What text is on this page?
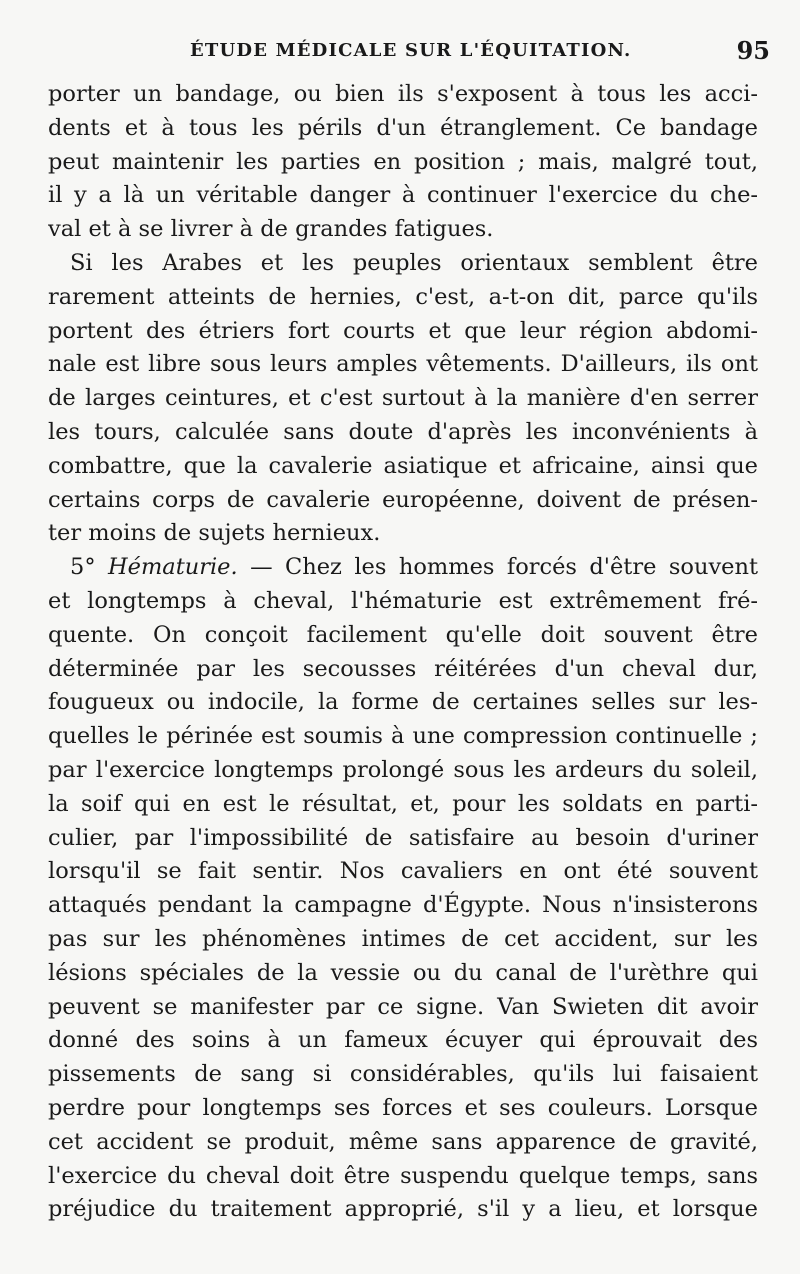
ÉTUDE MÉDICALE SUR L'ÉQUITATION.	95
porter un bandage, ou bien ils s'exposent à tous les acci-
dents et à tous les périls d'un étranglement. Ce bandage
peut maintenir les parties en position ; mais, malgré tout,
il y a là un véritable danger à continuer l'exercice du che-
val et à se livrer à de grandes fatigues.
Si les Arabes et les peuples orientaux semblent être
rarement atteints de hernies, c'est, a-t-on dit, parce qu'ils
portent des étriers fort courts et que leur région abdomi-
nale est libre sous leurs amples vêtements. D'ailleurs, ils ont
de larges ceintures, et c'est surtout à la manière d'en serrer
les tours, calculée sans doute d'après les inconvénients à
combattre, que la cavalerie asiatique et africaine, ainsi que
certains corps de cavalerie européenne, doivent de présen-
ter moins de sujets hernieux.
5° Hématurie. — Chez les hommes forcés d'être souvent
et longtemps à cheval, l'hématurie est extrêmement fré-
quente. On conçoit facilement qu'elle doit souvent être
déterminée par les secousses réitérées d'un cheval dur,
fougueux ou indocile, la forme de certaines selles sur les-
quelles le périnée est soumis à une compression continuelle ;
par l'exercice longtemps prolongé sous les ardeurs du soleil,
la soif qui en est le résultat, et, pour les soldats en parti-
culier, par l'impossibilité de satisfaire au besoin d'uriner
lorsqu'il se fait sentir. Nos cavaliers en ont été souvent
attaqués pendant la campagne d'Égypte. Nous n'insisterons
pas sur les phénomènes intimes de cet accident, sur les
lésions spéciales de la vessie ou du canal de l'urèthre qui
peuvent se manifester par ce signe. Van Swieten dit avoir
donné des soins à un fameux écuyer qui éprouvait des
pissements de sang si considérables, qu'ils lui faisaient
perdre pour longtemps ses forces et ses couleurs. Lorsque
cet accident se produit, même sans apparence de gravité,
l'exercice du cheval doit être suspendu quelque temps, sans
préjudice du traitement approprié, s'il y a lieu, et lorsque
